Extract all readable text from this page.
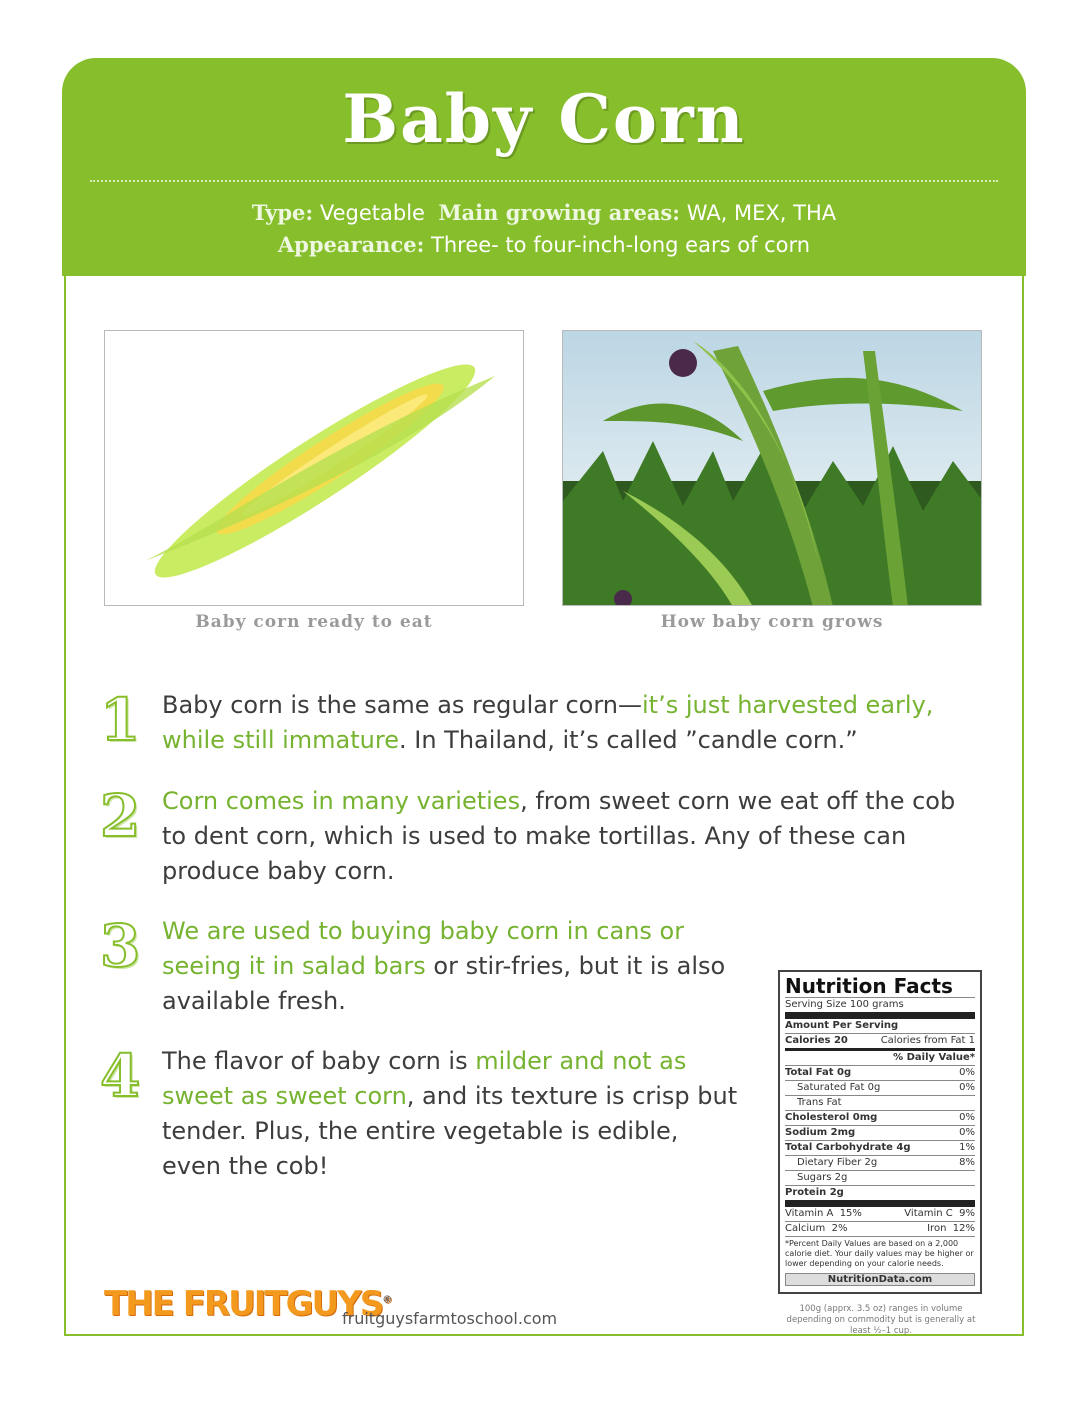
Baby Corn
Type: Vegetable Main growing areas: WA, MEX, THA
Appearance: Three- to four-inch-long ears of corn
Baby corn ready to eat	How baby corn grows
1 Baby corn is the same as regular corn—it’s just harvested early, while still immature. In Thailand, it’s called ”candle corn.”
2 Corn comes in many varieties, from sweet corn we eat off the cob to dent corn, which is used to make tortillas. Any of these can produce baby corn.
3 We are used to buying baby corn in cans or seeing it in salad bars or stir-fries, but it is also available fresh.
4 The flavor of baby corn is milder and not as sweet as sweet corn, and its texture is crisp but tender. Plus, the entire vegetable is edible, even the cob!
Nutrition Facts
Serving Size 100 grams
Amount Per Serving
Calories 20	Calories from Fat 1
% Daily Value*
Total Fat 0g	0%
Saturated Fat 0g	0%
Trans Fat
Cholesterol 0mg	0%
Sodium 2mg	0%
Total Carbohydrate 4g	1%
Dietary Fiber 2g	8%
Sugars 2g
Protein 2g
Vitamin A 15%	Vitamin C 9%
Calcium 2%	Iron 12%
*Percent Daily Values are based on a 2,000 calorie diet. Your daily values may be higher or lower depending on your calorie needs.
NutritionData.com
100g (apprx. 3.5 oz) ranges in volume depending on commodity but is generally at least ½–1 cup.
THE FRUITGUYS®
fruitguysfarmtoschool.com
